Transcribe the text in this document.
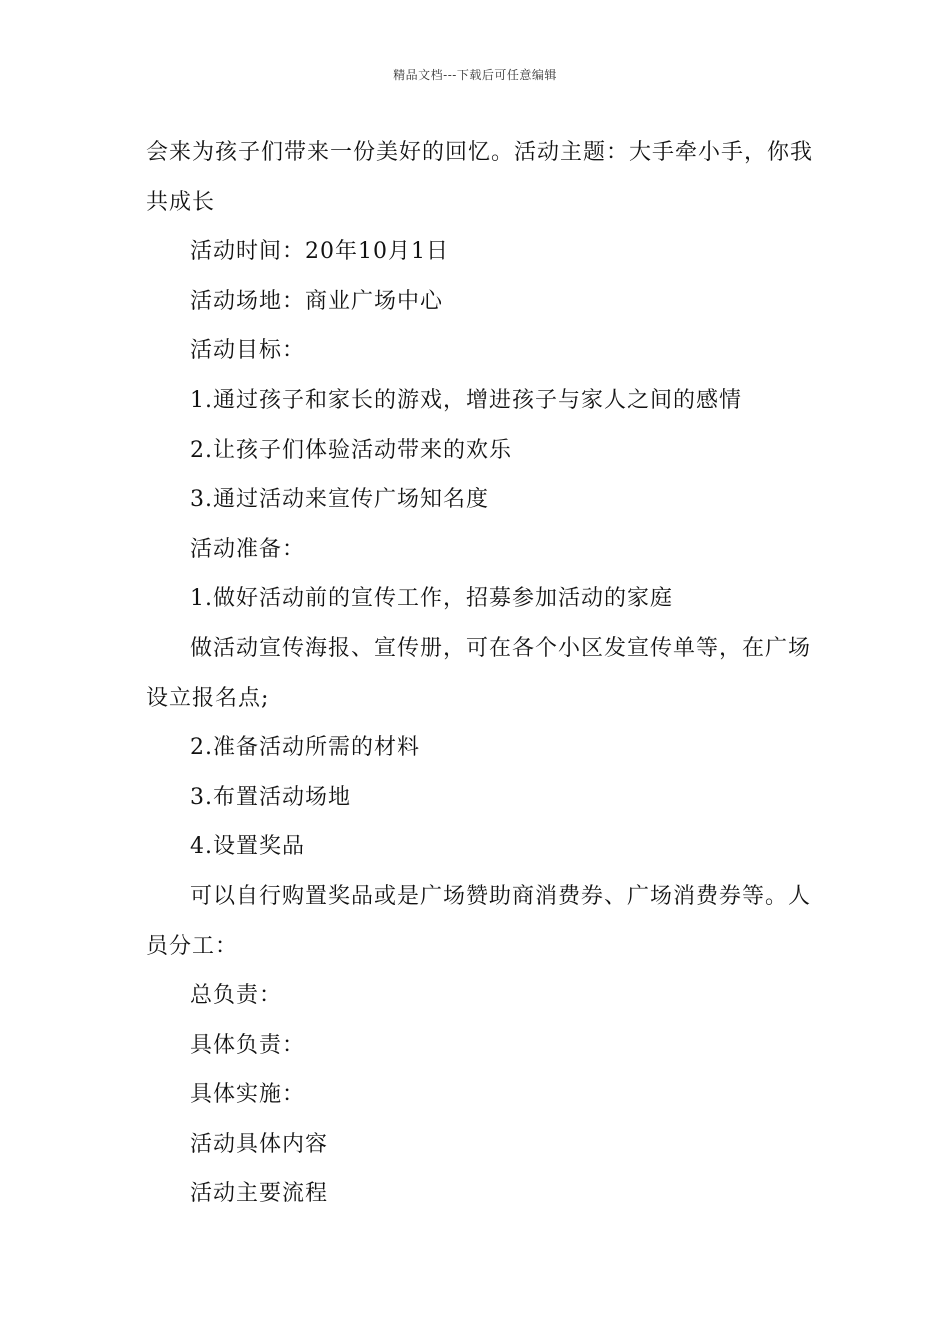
精品文档---下载后可任意编辑

会来为孩子们带来一份美好的回忆。活动主题：大手牵小手，你我

共成长

活动时间：20年10月1日

活动场地：商业广场中心

活动目标：

1.通过孩子和家长的游戏，增进孩子与家人之间的感情

2.让孩子们体验活动带来的欢乐

3.通过活动来宣传广场知名度

活动准备：

1.做好活动前的宣传工作，招募参加活动的家庭

做活动宣传海报、宣传册，可在各个小区发宣传单等，在广场

设立报名点;

2.准备活动所需的材料

3.布置活动场地

4.设置奖品

可以自行购置奖品或是广场赞助商消费券、广场消费券等。人

员分工：

总负责：

具体负责：

具体实施：

活动具体内容

活动主要流程
